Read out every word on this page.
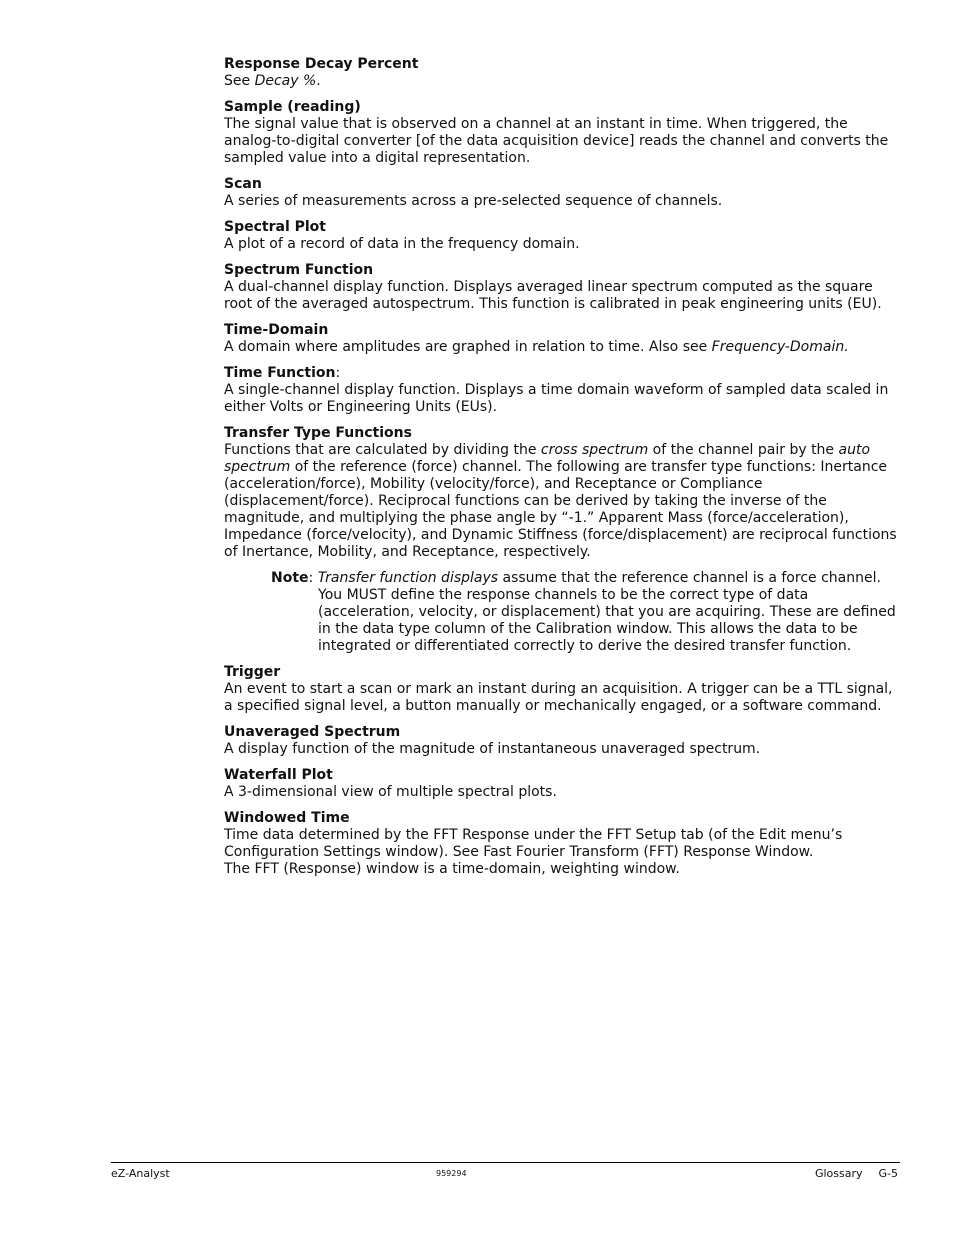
Response Decay Percent
See Decay %.
Sample (reading)
The signal value that is observed on a channel at an instant in time. When triggered, the analog-to-digital converter [of the data acquisition device] reads the channel and converts the sampled value into a digital representation.
Scan
A series of measurements across a pre-selected sequence of channels.
Spectral Plot
A plot of a record of data in the frequency domain.
Spectrum Function
A dual-channel display function. Displays averaged linear spectrum computed as the square root of the averaged autospectrum. This function is calibrated in peak engineering units (EU).
Time-Domain
A domain where amplitudes are graphed in relation to time. Also see Frequency-Domain.
Time Function:
A single-channel display function. Displays a time domain waveform of sampled data scaled in either Volts or Engineering Units (EUs).
Transfer Type Functions
Functions that are calculated by dividing the cross spectrum of the channel pair by the auto spectrum of the reference (force) channel. The following are transfer type functions: Inertance (acceleration/force), Mobility (velocity/force), and Receptance or Compliance (displacement/force). Reciprocal functions can be derived by taking the inverse of the magnitude, and multiplying the phase angle by “-1.” Apparent Mass (force/acceleration), Impedance (force/velocity), and Dynamic Stiffness (force/displacement) are reciprocal functions of Inertance, Mobility, and Receptance, respectively.
Note: Transfer function displays assume that the reference channel is a force channel. You MUST define the response channels to be the correct type of data (acceleration, velocity, or displacement) that you are acquiring. These are defined in the data type column of the Calibration window. This allows the data to be integrated or differentiated correctly to derive the desired transfer function.
Trigger
An event to start a scan or mark an instant during an acquisition. A trigger can be a TTL signal, a specified signal level, a button manually or mechanically engaged, or a software command.
Unaveraged Spectrum
A display function of the magnitude of instantaneous unaveraged spectrum.
Waterfall Plot
A 3-dimensional view of multiple spectral plots.
Windowed Time
Time data determined by the FFT Response under the FFT Setup tab (of the Edit menu’s Configuration Settings window). See Fast Fourier Transform (FFT) Response Window.
The FFT (Response) window is a time-domain, weighting window.
eZ-Analyst	959294	Glossary G-5
